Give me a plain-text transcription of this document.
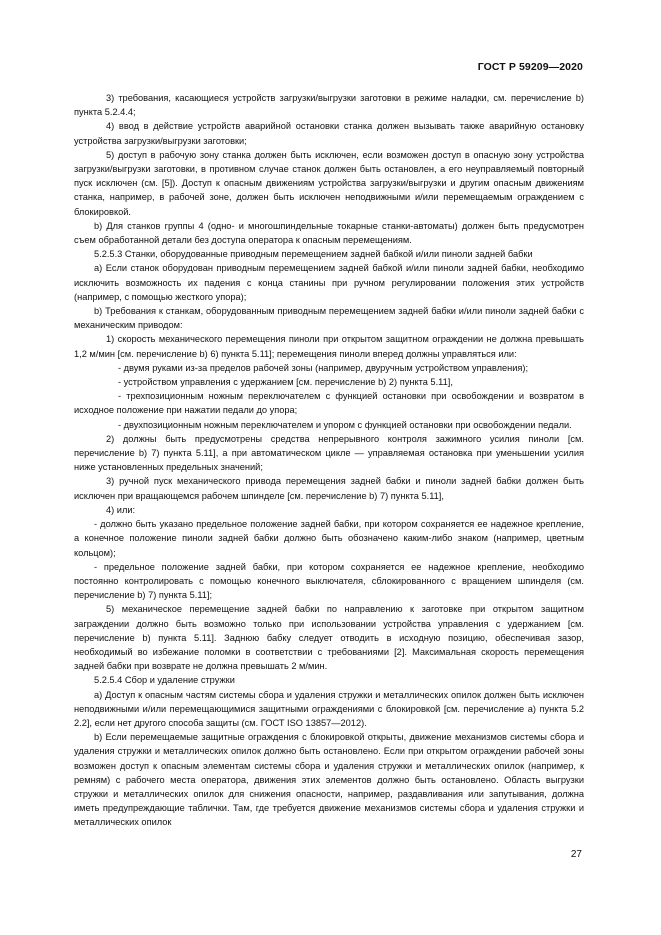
ГОСТ Р 59209—2020

3) требования, касающиеся устройств загрузки/выгрузки заготовки в режиме наладки, см. перечисление b) пункта 5.2.4.4;

4) ввод в действие устройств аварийной остановки станка должен вызывать также аварийную остановку устройства загрузки/выгрузки заготовки;

5) доступ в рабочую зону станка должен быть исключен, если возможен доступ в опасную зону устройства загрузки/выгрузки заготовки, в противном случае станок должен быть остановлен, а его неуправляемый повторный пуск исключен (см. [5]). Доступ к опасным движениям устройства загрузки/выгрузки и другим опасным движениям станка, например, в рабочей зоне, должен быть исключен неподвижными и/или перемещаемым ограждением с блокировкой.

b) Для станков группы 4 (одно- и многошпиндельные токарные станки-автоматы) должен быть предусмотрен съем обработанной детали без доступа оператора к опасным перемещениям.

5.2.5.3 Станки, оборудованные приводным перемещением задней бабкой и/или пиноли задней бабки

a) Если станок оборудован приводным перемещением задней бабкой и/или пиноли задней бабки, необходимо исключить возможность их падения с конца станины при ручном регулировании положения этих устройств (например, с помощью жесткого упора);

b) Требования к станкам, оборудованным приводным перемещением задней бабки и/или пиноли задней бабки с механическим приводом:

1) скорость механического перемещения пиноли при открытом защитном ограждении не должна превышать 1,2 м/мин [см. перечисление b) 6) пункта 5.11]; перемещения пиноли вперед должны управляться или:

- двумя руками из-за пределов рабочей зоны (например, двуручным устройством управления);

- устройством управления с удержанием [см. перечисление b) 2) пункта 5.11],

- трехпозиционным ножным переключателем с функцией остановки при освобождении и возвратом в исходное положение при нажатии педали до упора;

- двухпозиционным ножным переключателем и упором с функцией остановки при освобождении педали.

2) должны быть предусмотрены средства непрерывного контроля зажимного усилия пиноли [см. перечисление b) 7) пункта 5.11], а при автоматическом цикле — управляемая остановка при уменьшении усилия ниже установленных предельных значений;

3) ручной пуск механического привода перемещения задней бабки и пиноли задней бабки должен быть исключен при вращающемся рабочем шпинделе [см. перечисление b) 7) пункта 5.11],

4) или:

- должно быть указано предельное положение задней бабки, при котором сохраняется ее надежное крепление, а конечное положение пиноли задней бабки должно быть обозначено каким-либо знаком (например, цветным кольцом);

- предельное положение задней бабки, при котором сохраняется ее надежное крепление, необходимо постоянно контролировать с помощью конечного выключателя, сблокированного с вращением шпинделя (см. перечисление b) 7) пункта 5.11];

5) механическое перемещение задней бабки по направлению к заготовке при открытом защитном заграждении должно быть возможно только при использовании устройства управления с удержанием [см. перечисление b) пункта 5.11]. Заднюю бабку следует отводить в исходную позицию, обеспечивая зазор, необходимый во избежание поломки в соответствии с требованиями [2]. Максимальная скорость перемещения задней бабки при возврате не должна превышать 2 м/мин.

5.2.5.4 Сбор и удаление стружки

a) Доступ к опасным частям системы сбора и удаления стружки и металлических опилок должен быть исключен неподвижными и/или перемещающимися защитными ограждениями с блокировкой [см. перечисление a) пункта 5.2 2.2], если нет другого способа защиты (см. ГОСТ ISO 13857—2012).

b) Если перемещаемые защитные ограждения с блокировкой открыты, движение механизмов системы сбора и удаления стружки и металлических опилок должно быть остановлено. Если при открытом ограждении рабочей зоны возможен доступ к опасным элементам системы сбора и удаления стружки и металлических опилок (например, к ремням) с рабочего места оператора, движения этих элементов должно быть остановлено. Область выгрузки стружки и металлических опилок для снижения опасности, например, раздавливания или запутывания, должна иметь предупреждающие таблички. Там, где требуется движение механизмов системы сбора и удаления стружки и металлических опилок

27
